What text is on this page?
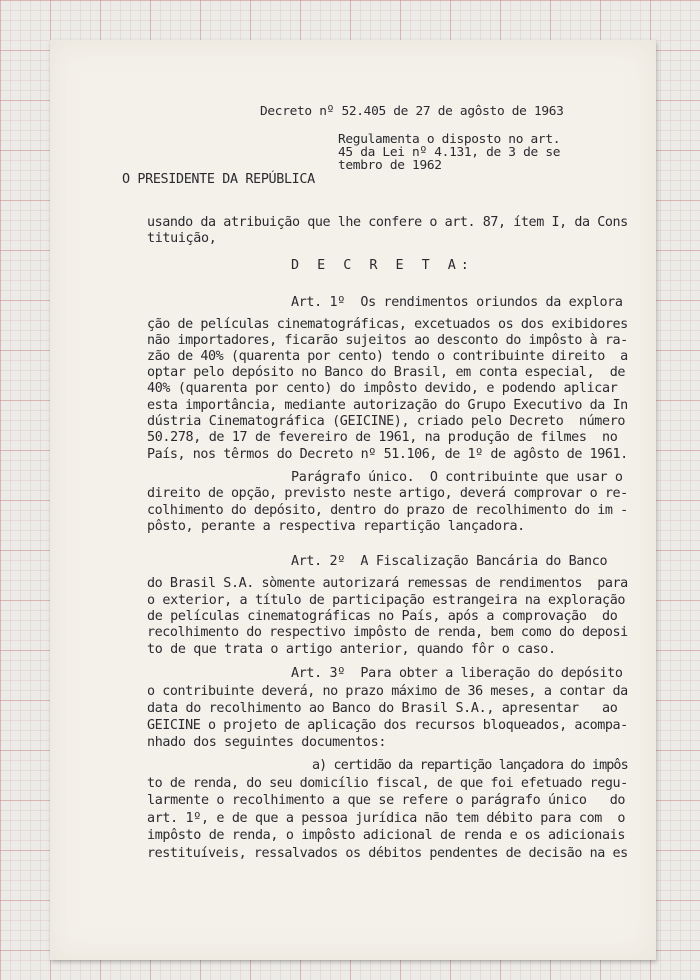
Decreto nº 52.405 de 27 de agôsto de 1963
Regulamenta o disposto no art.
45 da Lei nº 4.131, de 3 de se
tembro de 1962
O PRESIDENTE DA REPÚBLICA
usando da atribuição que lhe confere o art. 87, ítem I, da Cons
tituição,
D E C R E T A:
Art. 1º  Os rendimentos oriundos da explora
ção de películas cinematográficas, excetuados os dos exibidores
não importadores, ficarão sujeitos ao desconto do impôsto à ra-
zão de 40% (quarenta por cento) tendo o contribuinte direito  a
optar pelo depósito no Banco do Brasil, em conta especial,  de
40% (quarenta por cento) do impôsto devido, e podendo aplicar
esta importância, mediante autorização do Grupo Executivo da In
dústria Cinematográfica (GEICINE), criado pelo Decreto  número
50.278, de 17 de fevereiro de 1961, na produção de filmes  no
País, nos têrmos do Decreto nº 51.106, de 1º de agôsto de 1961.
Parágrafo único.  O contribuinte que usar o
direito de opção, previsto neste artigo, deverá comprovar o re-
colhimento do depósito, dentro do prazo de recolhimento do im -
pôsto, perante a respectiva repartição lançadora.
Art. 2º  A Fiscalização Bancária do Banco
do Brasil S.A. sòmente autorizará remessas de rendimentos  para
o exterior, a título de participação estrangeira na exploração
de películas cinematográficas no País, após a comprovação  do
recolhimento do respectivo impôsto de renda, bem como do deposi
to de que trata o artigo anterior, quando fôr o caso.
Art. 3º  Para obter a liberação do depósito
o contribuinte deverá, no prazo máximo de 36 meses, a contar da
data do recolhimento ao Banco do Brasil S.A., apresentar   ao
GEICINE o projeto de aplicação dos recursos bloqueados, acompa-
nhado dos seguintes documentos:
a) certidão da repartição lançadora do impôs
to de renda, do seu domicílio fiscal, de que foi efetuado regu-
larmente o recolhimento a que se refere o parágrafo único   do
art. 1º, e de que a pessoa jurídica não tem débito para com  o
impôsto de renda, o impôsto adicional de renda e os adicionais
restituíveis, ressalvados os débitos pendentes de decisão na es
